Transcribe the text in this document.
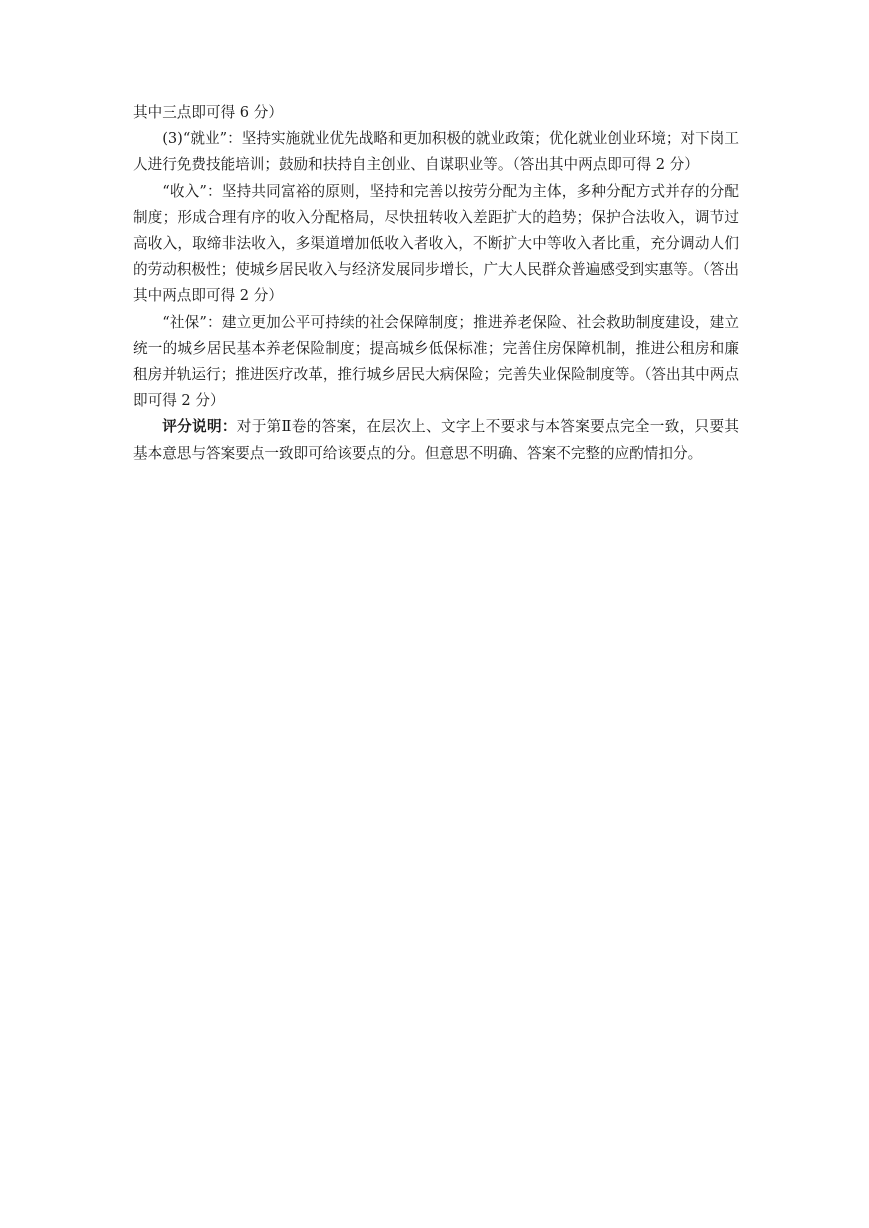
其中三点即可得 6 分）

(3)“就业”：坚持实施就业优先战略和更加积极的就业政策；优化就业创业环境；对下岗工人进行免费技能培训；鼓励和扶持自主创业、自谋职业等。（答出其中两点即可得 2 分）

“收入”：坚持共同富裕的原则，坚持和完善以按劳分配为主体，多种分配方式并存的分配制度；形成合理有序的收入分配格局，尽快扭转收入差距扩大的趋势；保护合法收入，调节过高收入，取缔非法收入，多渠道增加低收入者收入，不断扩大中等收入者比重，充分调动人们的劳动积极性；使城乡居民收入与经济发展同步增长，广大人民群众普遍感受到实惠等。（答出其中两点即可得 2 分）

“社保”：建立更加公平可持续的社会保障制度；推进养老保险、社会救助制度建设，建立统一的城乡居民基本养老保险制度；提高城乡低保标准；完善住房保障机制，推进公租房和廉租房并轨运行；推进医疗改革，推行城乡居民大病保险；完善失业保险制度等。（答出其中两点即可得 2 分）

评分说明：对于第Ⅱ卷的答案，在层次上、文字上不要求与本答案要点完全一致，只要其基本意思与答案要点一致即可给该要点的分。但意思不明确、答案不完整的应酌情扣分。
